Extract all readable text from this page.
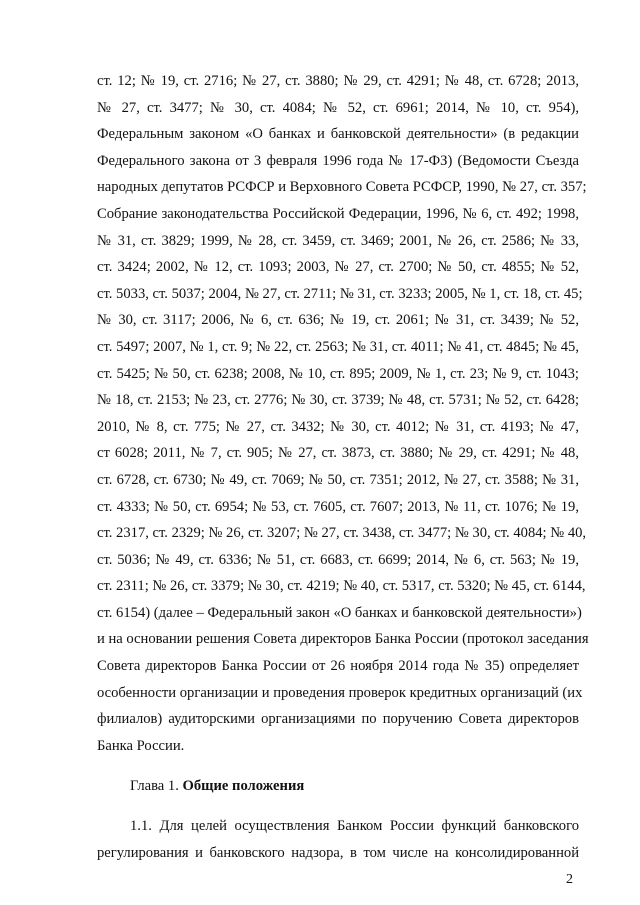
ст. 12; № 19, ст. 2716; № 27, ст. 3880; № 29, ст. 4291; № 48, ст. 6728; 2013,
№ 27, ст. 3477; № 30, ст. 4084; № 52, ст. 6961; 2014, № 10, ст. 954),
Федеральным законом «О банках и банковской деятельности» (в редакции
Федерального закона от 3 февраля 1996 года № 17-ФЗ) (Ведомости Съезда
народных депутатов РСФСР и Верховного Совета РСФСР, 1990, № 27, ст. 357;
Собрание законодательства Российской Федерации, 1996, № 6, ст. 492; 1998,
№ 31, ст. 3829; 1999, № 28, ст. 3459, ст. 3469; 2001, № 26, ст. 2586; № 33,
ст. 3424; 2002, № 12, ст. 1093; 2003, № 27, ст. 2700; № 50, ст. 4855; № 52,
ст. 5033, ст. 5037; 2004, № 27, ст. 2711; № 31, ст. 3233; 2005, № 1, ст. 18, ст. 45;
№ 30, ст. 3117; 2006, № 6, ст. 636; № 19, ст. 2061; № 31, ст. 3439; № 52,
ст. 5497; 2007, № 1, ст. 9; № 22, ст. 2563; № 31, ст. 4011; № 41, ст. 4845; № 45,
ст. 5425; № 50, ст. 6238; 2008, № 10, ст. 895; 2009, № 1, ст. 23; № 9, ст. 1043;
№ 18, ст. 2153; № 23, ст. 2776; № 30, ст. 3739; № 48, ст. 5731; № 52, ст. 6428;
2010, № 8, ст. 775; № 27, ст. 3432; № 30, ст. 4012; № 31, ст. 4193; № 47,
ст 6028; 2011, № 7, ст. 905; № 27, ст. 3873, ст. 3880; № 29, ст. 4291; № 48,
ст. 6728, ст. 6730; № 49, ст. 7069; № 50, ст. 7351; 2012, № 27, ст. 3588; № 31,
ст. 4333; № 50, ст. 6954; № 53, ст. 7605, ст. 7607; 2013, № 11, ст. 1076; № 19,
ст. 2317, ст. 2329; № 26, ст. 3207; № 27, ст. 3438, ст. 3477; № 30, ст. 4084; № 40,
ст. 5036; № 49, ст. 6336; № 51, ст. 6683, ст. 6699; 2014, № 6, ст. 563; № 19,
ст. 2311; № 26, ст. 3379; № 30, ст. 4219; № 40, ст. 5317, ст. 5320; № 45, ст. 6144,
ст. 6154) (далее – Федеральный закон «О банках и банковской деятельности»)
и на основании решения Совета директоров Банка России (протокол заседания
Совета директоров Банка России от 26 ноября 2014 года № 35) определяет
особенности организации и проведения проверок кредитных организаций (их
филиалов) аудиторскими организациями по поручению Совета директоров
Банка России.
Глава 1. Общие положения
1.1. Для целей осуществления Банком России функций банковского
регулирования и банковского надзора, в том числе на консолидированной
2
